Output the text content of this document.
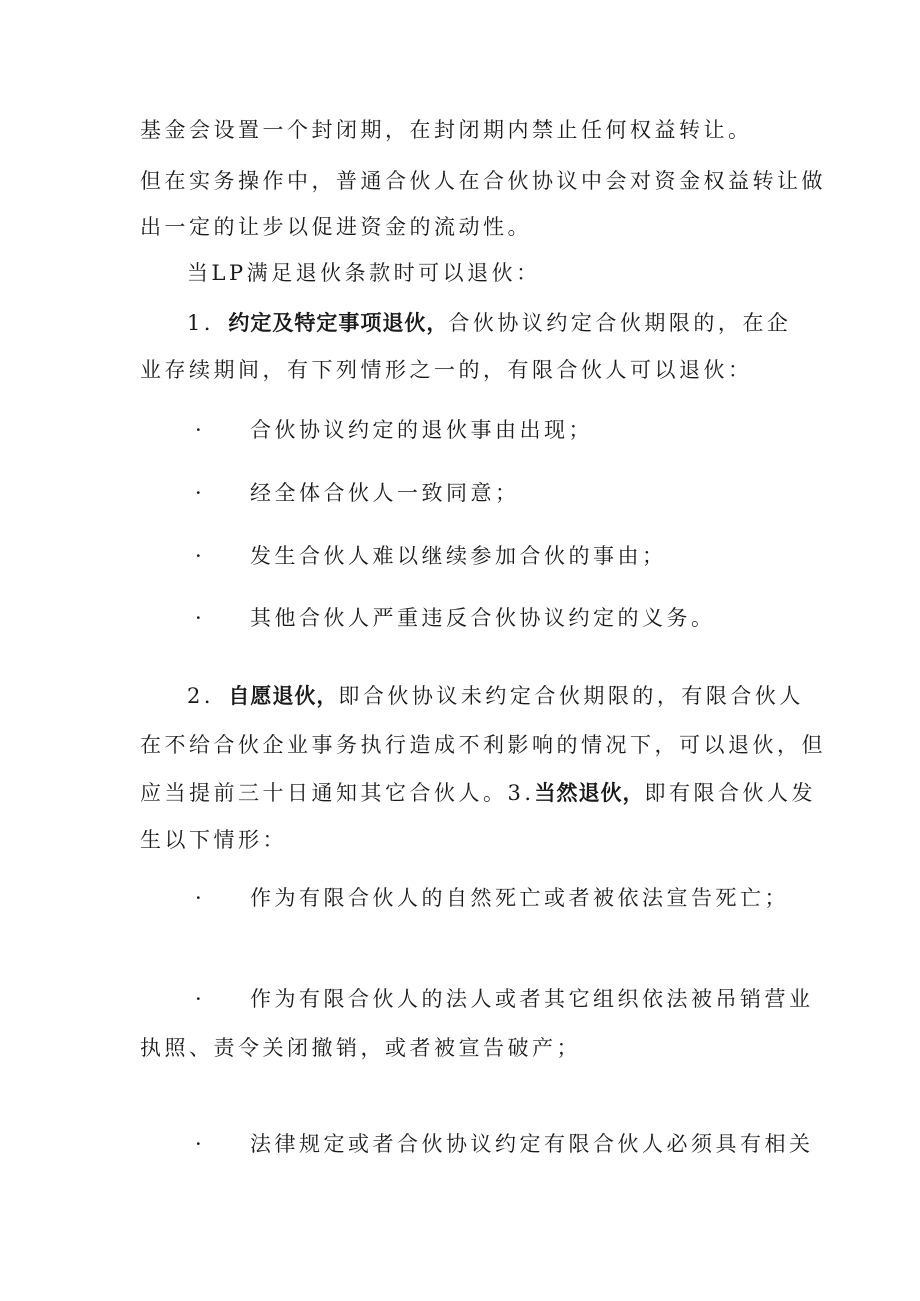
基金会设置一个封闭期，在封闭期内禁止任何权益转让。
但在实务操作中，普通合伙人在合伙协议中会对资金权益转让做
出一定的让步以促进资金的流动性。
当LP满足退伙条款时可以退伙：
1．约定及特定事项退伙，合伙协议约定合伙期限的，在企
业存续期间，有下列情形之一的，有限合伙人可以退伙：
· 合伙协议约定的退伙事由出现；
· 经全体合伙人一致同意；
· 发生合伙人难以继续参加合伙的事由；
· 其他合伙人严重违反合伙协议约定的义务。
2．自愿退伙，即合伙协议未约定合伙期限的，有限合伙人
在不给合伙企业事务执行造成不利影响的情况下，可以退伙，但
应当提前三十日通知其它合伙人。3.当然退伙，即有限合伙人发
生以下情形：
· 作为有限合伙人的自然死亡或者被依法宣告死亡；
· 作为有限合伙人的法人或者其它组织依法被吊销营业
执照、责令关闭撤销，或者被宣告破产；
· 法律规定或者合伙协议约定有限合伙人必须具有相关
